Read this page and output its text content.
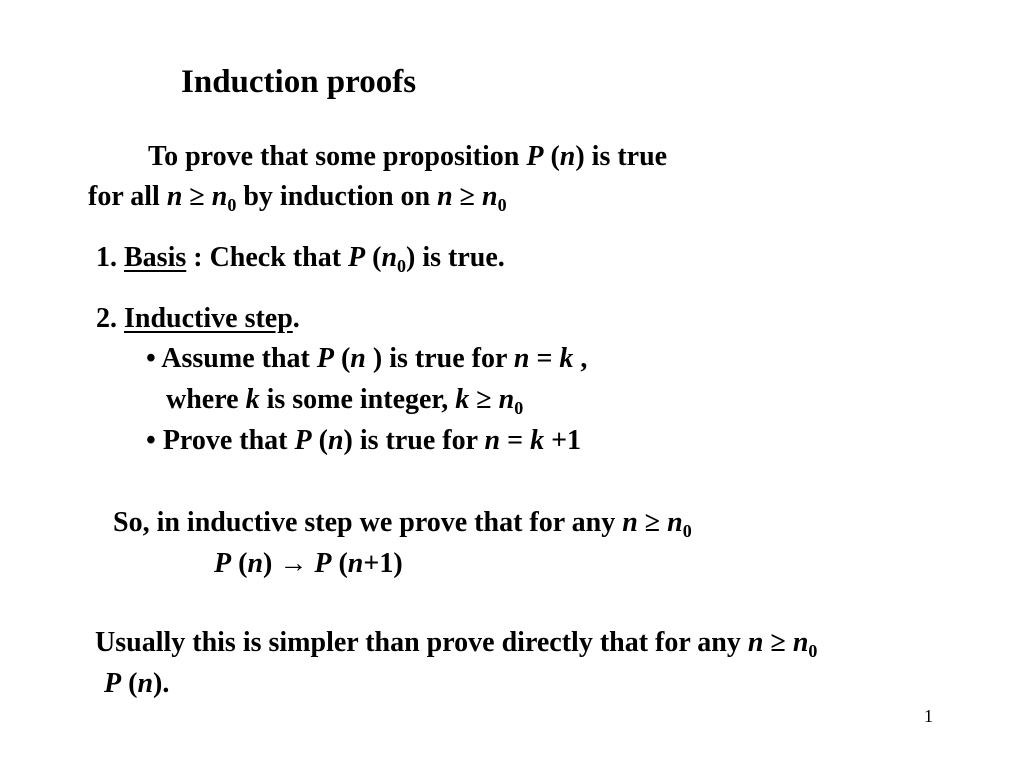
Induction proofs
To prove that some proposition P (n) is true
for all $n \ge n_0$ by induction on $n \ge n_0$
1. Basis : Check that P $(n_0)$ is true.
2. Inductive step.
• Assume that P (n ) is true for n = k ,
where k is some integer, $k \ge n_0$
• Prove that P (n) is true for n = k +1
So, in inductive step we prove that for any $n \ge n_0$
P (n) → P (n+1)
Usually this is simpler than prove directly that for any $n \ge n_0$
P (n).
1
